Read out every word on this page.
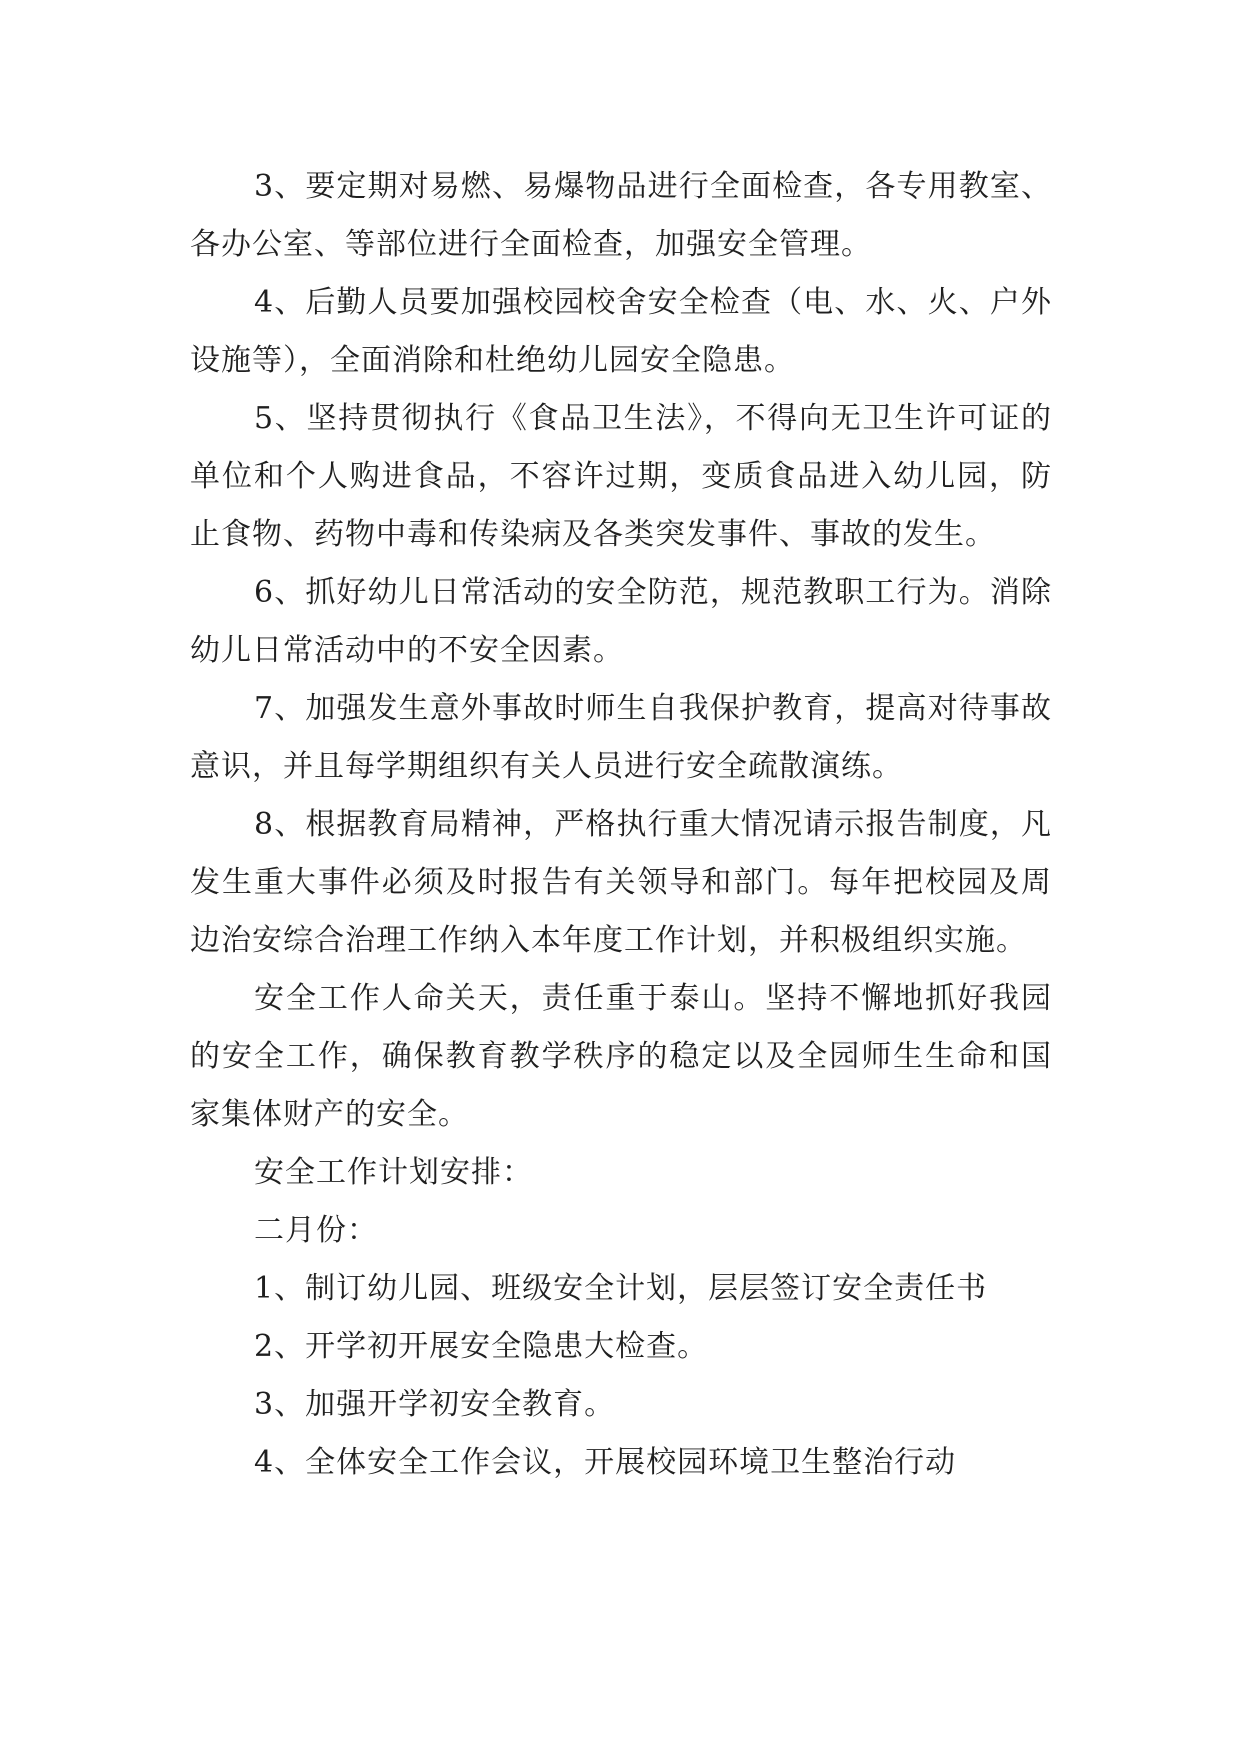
3、要定期对易燃、易爆物品进行全面检查，各专用教室、各办公室、等部位进行全面检查，加强安全管理。

4、后勤人员要加强校园校舍安全检查（电、水、火、户外设施等），全面消除和杜绝幼儿园安全隐患。

5、坚持贯彻执行《食品卫生法》，不得向无卫生许可证的单位和个人购进食品，不容许过期，变质食品进入幼儿园，防止食物、药物中毒和传染病及各类突发事件、事故的发生。

6、抓好幼儿日常活动的安全防范，规范教职工行为。消除幼儿日常活动中的不安全因素。

7、加强发生意外事故时师生自我保护教育，提高对待事故意识，并且每学期组织有关人员进行安全疏散演练。

8、根据教育局精神，严格执行重大情况请示报告制度，凡发生重大事件必须及时报告有关领导和部门。每年把校园及周边治安综合治理工作纳入本年度工作计划，并积极组织实施。

安全工作人命关天，责任重于泰山。坚持不懈地抓好我园的安全工作，确保教育教学秩序的稳定以及全园师生生命和国家集体财产的安全。

安全工作计划安排：

二月份：

1、制订幼儿园、班级安全计划，层层签订安全责任书

2、开学初开展安全隐患大检查。

3、加强开学初安全教育。

4、全体安全工作会议，开展校园环境卫生整治行动
